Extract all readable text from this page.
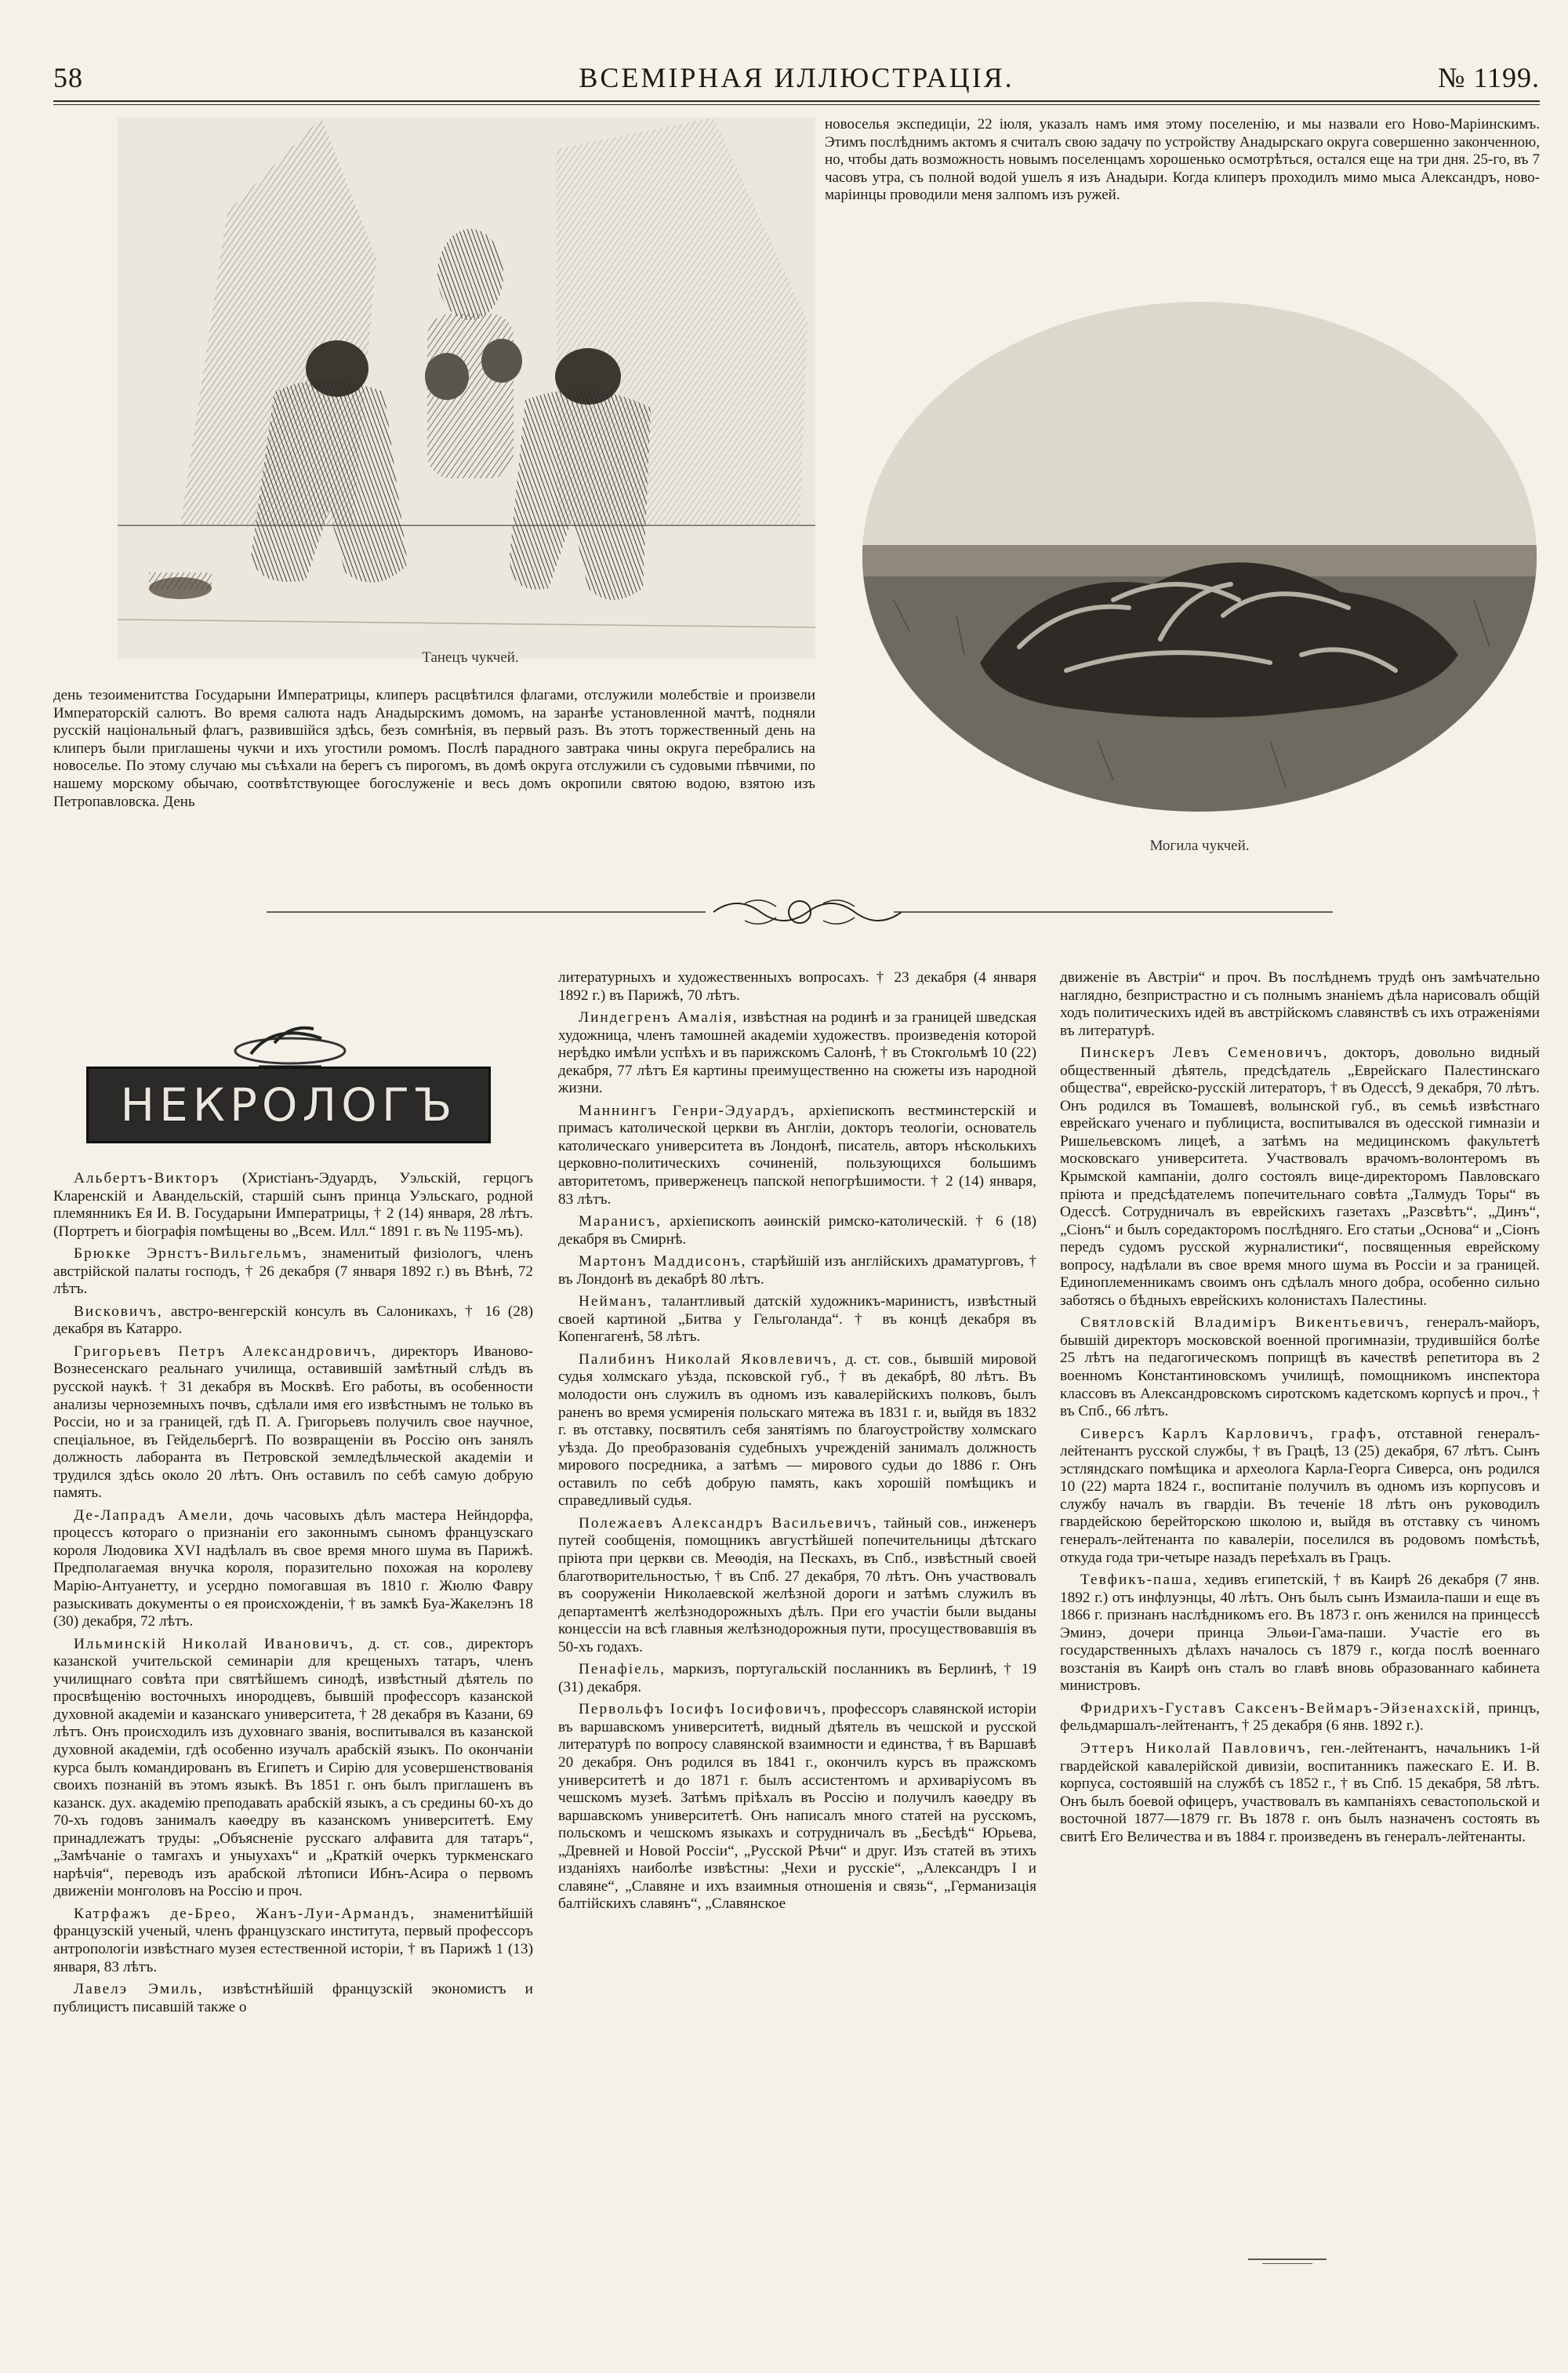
58	ВСЕМІРНАЯ ИЛЛЮСТРАЦІЯ.	№ 1199.
Танецъ чукчей.

новоселья экспедиціи, 22 іюля, указалъ намъ имя этому поселенію, и мы назвали его Ново-Маріинскимъ. Этимъ послѣднимъ актомъ я считалъ свою задачу по устройству Анадырскаго округа совершенно законченною, но, чтобы дать возможность новымъ поселенцамъ хорошенько осмотрѣться, остался еще на три дня. 25-го, въ 7 часовъ утра, съ полной водой ушелъ я изъ Анадыри. Когда клиперъ проходилъ мимо мыса Александръ, ново-маріинцы проводили меня залпомъ изъ ружей.

Могила чукчей.

день тезоименитства Государыни Императрицы, клиперъ расцвѣтился флагами, отслужили молебствіе и произвели Императорскій салютъ. Во время салюта надъ Анадырскимъ домомъ, на заранѣе установленной мачтѣ, подняли русскій національный флагъ, развившійся здѣсь, безъ сомнѣнія, въ первый разъ. Въ этотъ торжественный день на клиперъ были приглашены чукчи и ихъ угостили ромомъ. Послѣ парадного завтрака чины округа перебрались на новоселье. По этому случаю мы съѣхали на берегъ съ пирогомъ, въ домѣ округа отслужили съ судовыми пѣвчими, по нашему морскому обычаю, соотвѣтствующее богослуженіе и весь домъ окропили святою водою, взятою изъ Петропавловска. День

НЕКРОЛОГЪ

Альбертъ-Викторъ (Христіанъ-Эдуардъ, Уэльскій, герцогъ Кларенскій и Авандельскій, старшій сынъ принца Уэльскаго, родной племянникъ Ея И. В. Государыни Императрицы, † 2 (14) января, 28 лѣтъ. (Портретъ и біографія помѣщены во „Всем. Илл.“ 1891 г. въ № 1195-мъ).

Брюкке Эрнстъ-Вильгельмъ, знаменитый физіологъ, членъ австрійской палаты господъ, † 26 декабря (7 января 1892 г.) въ Вѣнѣ, 72 лѣтъ.

Висковичъ, австро-венгерскій консулъ въ Салоникахъ, † 16 (28) декабря въ Катарро.

Григорьевъ Петръ Александровичъ, директоръ Иваново-Вознесенскаго реальнаго училища, оставившій замѣтный слѣдъ въ русской наукѣ. † 31 декабря въ Москвѣ. Его работы, въ особенности анализы черноземныхъ почвъ, сдѣлали имя его извѣстнымъ не только въ Россіи, но и за границей, гдѣ П. А. Григорьевъ получилъ свое научное, спеціальное, въ Гейдельбергѣ. По возвращеніи въ Россію онъ занялъ должность лаборанта въ Петровской земледѣльческой академіи и трудился здѣсь около 20 лѣтъ. Онъ оставилъ по себѣ самую добрую память.

Де-Лапрадъ Амели, дочь часовыхъ дѣлъ мастера Нейндорфа, процессъ котораго о признаніи его законнымъ сыномъ французскаго короля Людовика XVI надѣлалъ въ свое время много шума въ Парижѣ. Предполагаемая внучка короля, поразительно похожая на королеву Марію-Антуанетту, и усердно помогавшая въ 1810 г. Жюлю Фавру разыскивать документы о ея происхожденіи, † въ замкѣ Буа-Жакелэнъ 18 (30) декабря, 72 лѣтъ.

Ильминскій Николай Ивановичъ, д. ст. сов., директоръ казанской учительской семинаріи для крещеныхъ татаръ, членъ училищнаго совѣта при святѣйшемъ синодѣ, извѣстный дѣятель по просвѣщенію восточныхъ инородцевъ, бывшій профессоръ казанской духовной академіи и казанскаго университета, † 28 декабря въ Казани, 69 лѣтъ. Онъ происходилъ изъ духовнаго званія, воспитывался въ казанской духовной академіи, гдѣ особенно изучалъ арабскій языкъ. По окончаніи курса былъ командированъ въ Египетъ и Сирію для усовершенствованія своихъ познаній въ этомъ языкѣ. Въ 1851 г. онъ былъ приглашенъ въ казанск. дух. академію преподавать арабскій языкъ, а съ средины 60-хъ до 70-хъ годовъ занималъ каѳедру въ казанскомъ университетѣ. Ему принадлежатъ труды: „Объясненіе русскаго алфавита для татаръ“, „Замѣчаніе о тамгахъ и уныухахъ“ и „Краткій очеркъ туркменскаго нарѣчія“, переводъ изъ арабской лѣтописи Ибнъ-Асира о первомъ движеніи монголовъ на Россію и проч.

Катрфажъ де-Брео, Жанъ-Луи-Армандъ, знаменитѣйшій французскій ученый, членъ французскаго института, первый профессоръ антропологіи извѣстнаго музея естественной исторіи, † въ Парижѣ 1 (13) января, 83 лѣтъ.

Лавелэ Эмиль, извѣстнѣйшій французскій экономистъ и публицистъ писавшій также о

литературныхъ и художественныхъ вопросахъ. † 23 декабря (4 января 1892 г.) въ Парижѣ, 70 лѣтъ.

Линдегренъ Амалія, извѣстная на родинѣ и за границей шведская художница, членъ тамошней академіи художествъ. произведенія которой нерѣдко имѣли успѣхъ и въ парижскомъ Салонѣ, † въ Стокгольмѣ 10 (22) декабря, 77 лѣтъ Ея картины преимущественно на сюжеты изъ народной жизни.

Маннингъ Генри-Эдуардъ, архіепископъ вестминстерскій и примасъ католической церкви въ Англіи, докторъ теологіи, основатель католическаго университета въ Лондонѣ, писатель, авторъ нѣсколькихъ церковно-политическихъ сочиненій, пользующихся большимъ авторитетомъ, приверженецъ папской непогрѣшимости. † 2 (14) января, 83 лѣтъ.

Маранисъ, архіепископъ аѳинскій римско-католическій. † 6 (18) декабря въ Смирнѣ.

Мартонъ Маддисонъ, старѣйшій изъ англійскихъ драматурговъ, † въ Лондонѣ въ декабрѣ 80 лѣтъ.

Нейманъ, талантливый датскій художникъ-маринистъ, извѣстный своей картиной „Битва у Гельголанда“. † въ концѣ декабря въ Копенгагенѣ, 58 лѣтъ.

Палибинъ Николай Яковлевичъ, д. ст. сов., бывшій мировой судья холмскаго уѣзда, псковской губ., † въ декабрѣ, 80 лѣтъ. Въ молодости онъ служилъ въ одномъ изъ кавалерійскихъ полковъ, былъ раненъ во время усмиренія польскаго мятежа въ 1831 г. и, выйдя въ 1832 г. въ отставку, посвятилъ себя занятіямъ по благоустройству холмскаго уѣзда. До преобразованія судебныхъ учрежденій занималъ должность мирового посредника, а затѣмъ — мирового судьи до 1886 г. Онъ оставилъ по себѣ добрую память, какъ хорошій помѣщикъ и справедливый судья.

Полежаевъ Александръ Васильевичъ, тайный сов., инженеръ путей сообщенія, помощникъ августѣйшей попечительницы дѣтскаго пріюта при церкви св. Меѳодія, на Пескахъ, въ Спб., извѣстный своей благотворительностью, † въ Спб. 27 декабря, 70 лѣтъ. Онъ участвовалъ въ сооруженіи Николаевской желѣзной дороги и затѣмъ служилъ въ департаментѣ желѣзнодорожныхъ дѣлъ. При его участіи были выданы концессіи на всѣ главныя желѣзнодорожныя пути, просуществовавшія въ 50-хъ годахъ.

Пенафіель, маркизъ, португальскій посланникъ въ Берлинѣ, † 19 (31) декабря.

Первольфъ Іосифъ Іосифовичъ, профессоръ славянской исторіи въ варшавскомъ университетѣ, видный дѣятель въ чешской и русской литературѣ по вопросу славянской взаимности и единства, † въ Варшавѣ 20 декабря. Онъ родился въ 1841 г., окончилъ курсъ въ пражскомъ университетѣ и до 1871 г. былъ ассистентомъ и архиваріусомъ въ чешскомъ музеѣ. Затѣмъ пріѣхалъ въ Россію и получилъ каѳедру въ варшавскомъ университетѣ. Онъ написалъ много статей на русскомъ, польскомъ и чешскомъ языкахъ и сотрудничалъ въ „Бесѣдѣ“ Юрьева, „Древней и Новой Россіи“, „Русской Рѣчи“ и друг. Изъ статей въ этихъ изданіяхъ наиболѣе извѣстны: „Чехи и русскіе“, „Александръ I и славяне“, „Славяне и ихъ взаимныя отношенія и связь“, „Германизація балтійскихъ славянъ“, „Славянское

движеніе въ Австріи“ и проч. Въ послѣднемъ трудѣ онъ замѣчательно наглядно, безпристрастно и съ полнымъ знаніемъ дѣла нарисовалъ общій ходъ политическихъ идей въ австрійскомъ славянствѣ съ ихъ отраженіями въ литературѣ.

Пинскеръ Левъ Семеновичъ, докторъ, довольно видный общественный дѣятель, предсѣдатель „Еврейскаго Палестинскаго общества“, еврейско-русскій литераторъ, † въ Одессѣ, 9 декабря, 70 лѣтъ. Онъ родился въ Томашевѣ, волынской губ., въ семьѣ извѣстнаго еврейскаго ученаго и публициста, воспитывался въ одесской гимназіи и Ришельевскомъ лицеѣ, а затѣмъ на медицинскомъ факультетѣ московскаго университета. Участвовалъ врачомъ-волонтеромъ въ Крымской кампаніи, долго состоялъ вице-директоромъ Павловскаго пріюта и предсѣдателемъ попечительнаго совѣта „Талмудъ Торы“ въ Одессѣ. Сотрудничалъ въ еврейскихъ газетахъ „Разсвѣтъ“, „Динъ“, „Сіонъ“ и былъ соредакторомъ послѣдняго. Его статьи „Основа“ и „Сіонъ передъ судомъ русской журналистики“, посвященныя еврейскому вопросу, надѣлали въ свое время много шума въ Россіи и за границей. Единоплеменникамъ своимъ онъ сдѣлалъ много добра, особенно сильно заботясь о бѣдныхъ еврейскихъ колонистахъ Палестины.

Святловскій Владиміръ Викентьевичъ, генералъ-майоръ, бывшій директоръ московской военной прогимназіи, трудившійся болѣе 25 лѣтъ на педагогическомъ поприщѣ въ качествѣ репетитора въ 2 военномъ Константиновскомъ училищѣ, помощникомъ инспектора классовъ въ Александровскомъ сиротскомъ кадетскомъ корпусѣ и проч., † въ Спб., 66 лѣтъ.

Сиверсъ Карлъ Карловичъ, графъ, отставной генералъ-лейтенантъ русской службы, † въ Грацѣ, 13 (25) декабря, 67 лѣтъ. Сынъ эстляндскаго помѣщика и археолога Карла-Георга Сиверса, онъ родился 10 (22) марта 1824 г., воспитаніе получилъ въ одномъ изъ корпусовъ и службу началъ въ гвардіи. Въ теченіе 18 лѣтъ онъ руководилъ гвардейскою берейторскою школою и, выйдя въ отставку съ чиномъ генералъ-лейтенанта по кавалеріи, поселился въ родовомъ помѣстьѣ, откуда года три-четыре назадъ переѣхалъ въ Грацъ.

Тевфикъ-паша, хедивъ египетскій, † въ Каирѣ 26 декабря (7 янв. 1892 г.) отъ инфлуэнцы, 40 лѣтъ. Онъ былъ сынъ Измаила-паши и еще въ 1866 г. признанъ наслѣдникомъ его. Въ 1873 г. онъ женился на принцессѣ Эминэ, дочери принца Эльѳи-Гама-паши. Участіе его въ государственныхъ дѣлахъ началось съ 1879 г., когда послѣ военнаго возстанія въ Каирѣ онъ сталъ во главѣ вновь образованнаго кабинета министровъ.

Фридрихъ-Густавъ Саксенъ-Веймаръ-Эйзенахскій, принцъ, фельдмаршалъ-лейтенантъ, † 25 декабря (6 янв. 1892 г.).

Эттеръ Николай Павловичъ, ген.-лейтенантъ, начальникъ 1-й гвардейской кавалерійской дивизіи, воспитанникъ пажескаго Е. И. В. корпуса, состоявшій на службѣ съ 1852 г., † въ Спб. 15 декабря, 58 лѣтъ. Онъ былъ боевой офицеръ, участвовалъ въ кампаніяхъ севастопольской и восточной 1877—1879 гг. Въ 1878 г. онъ былъ назначенъ состоять въ свитѣ Его Величества и въ 1884 г. произведенъ въ генералъ-лейтенанты.
